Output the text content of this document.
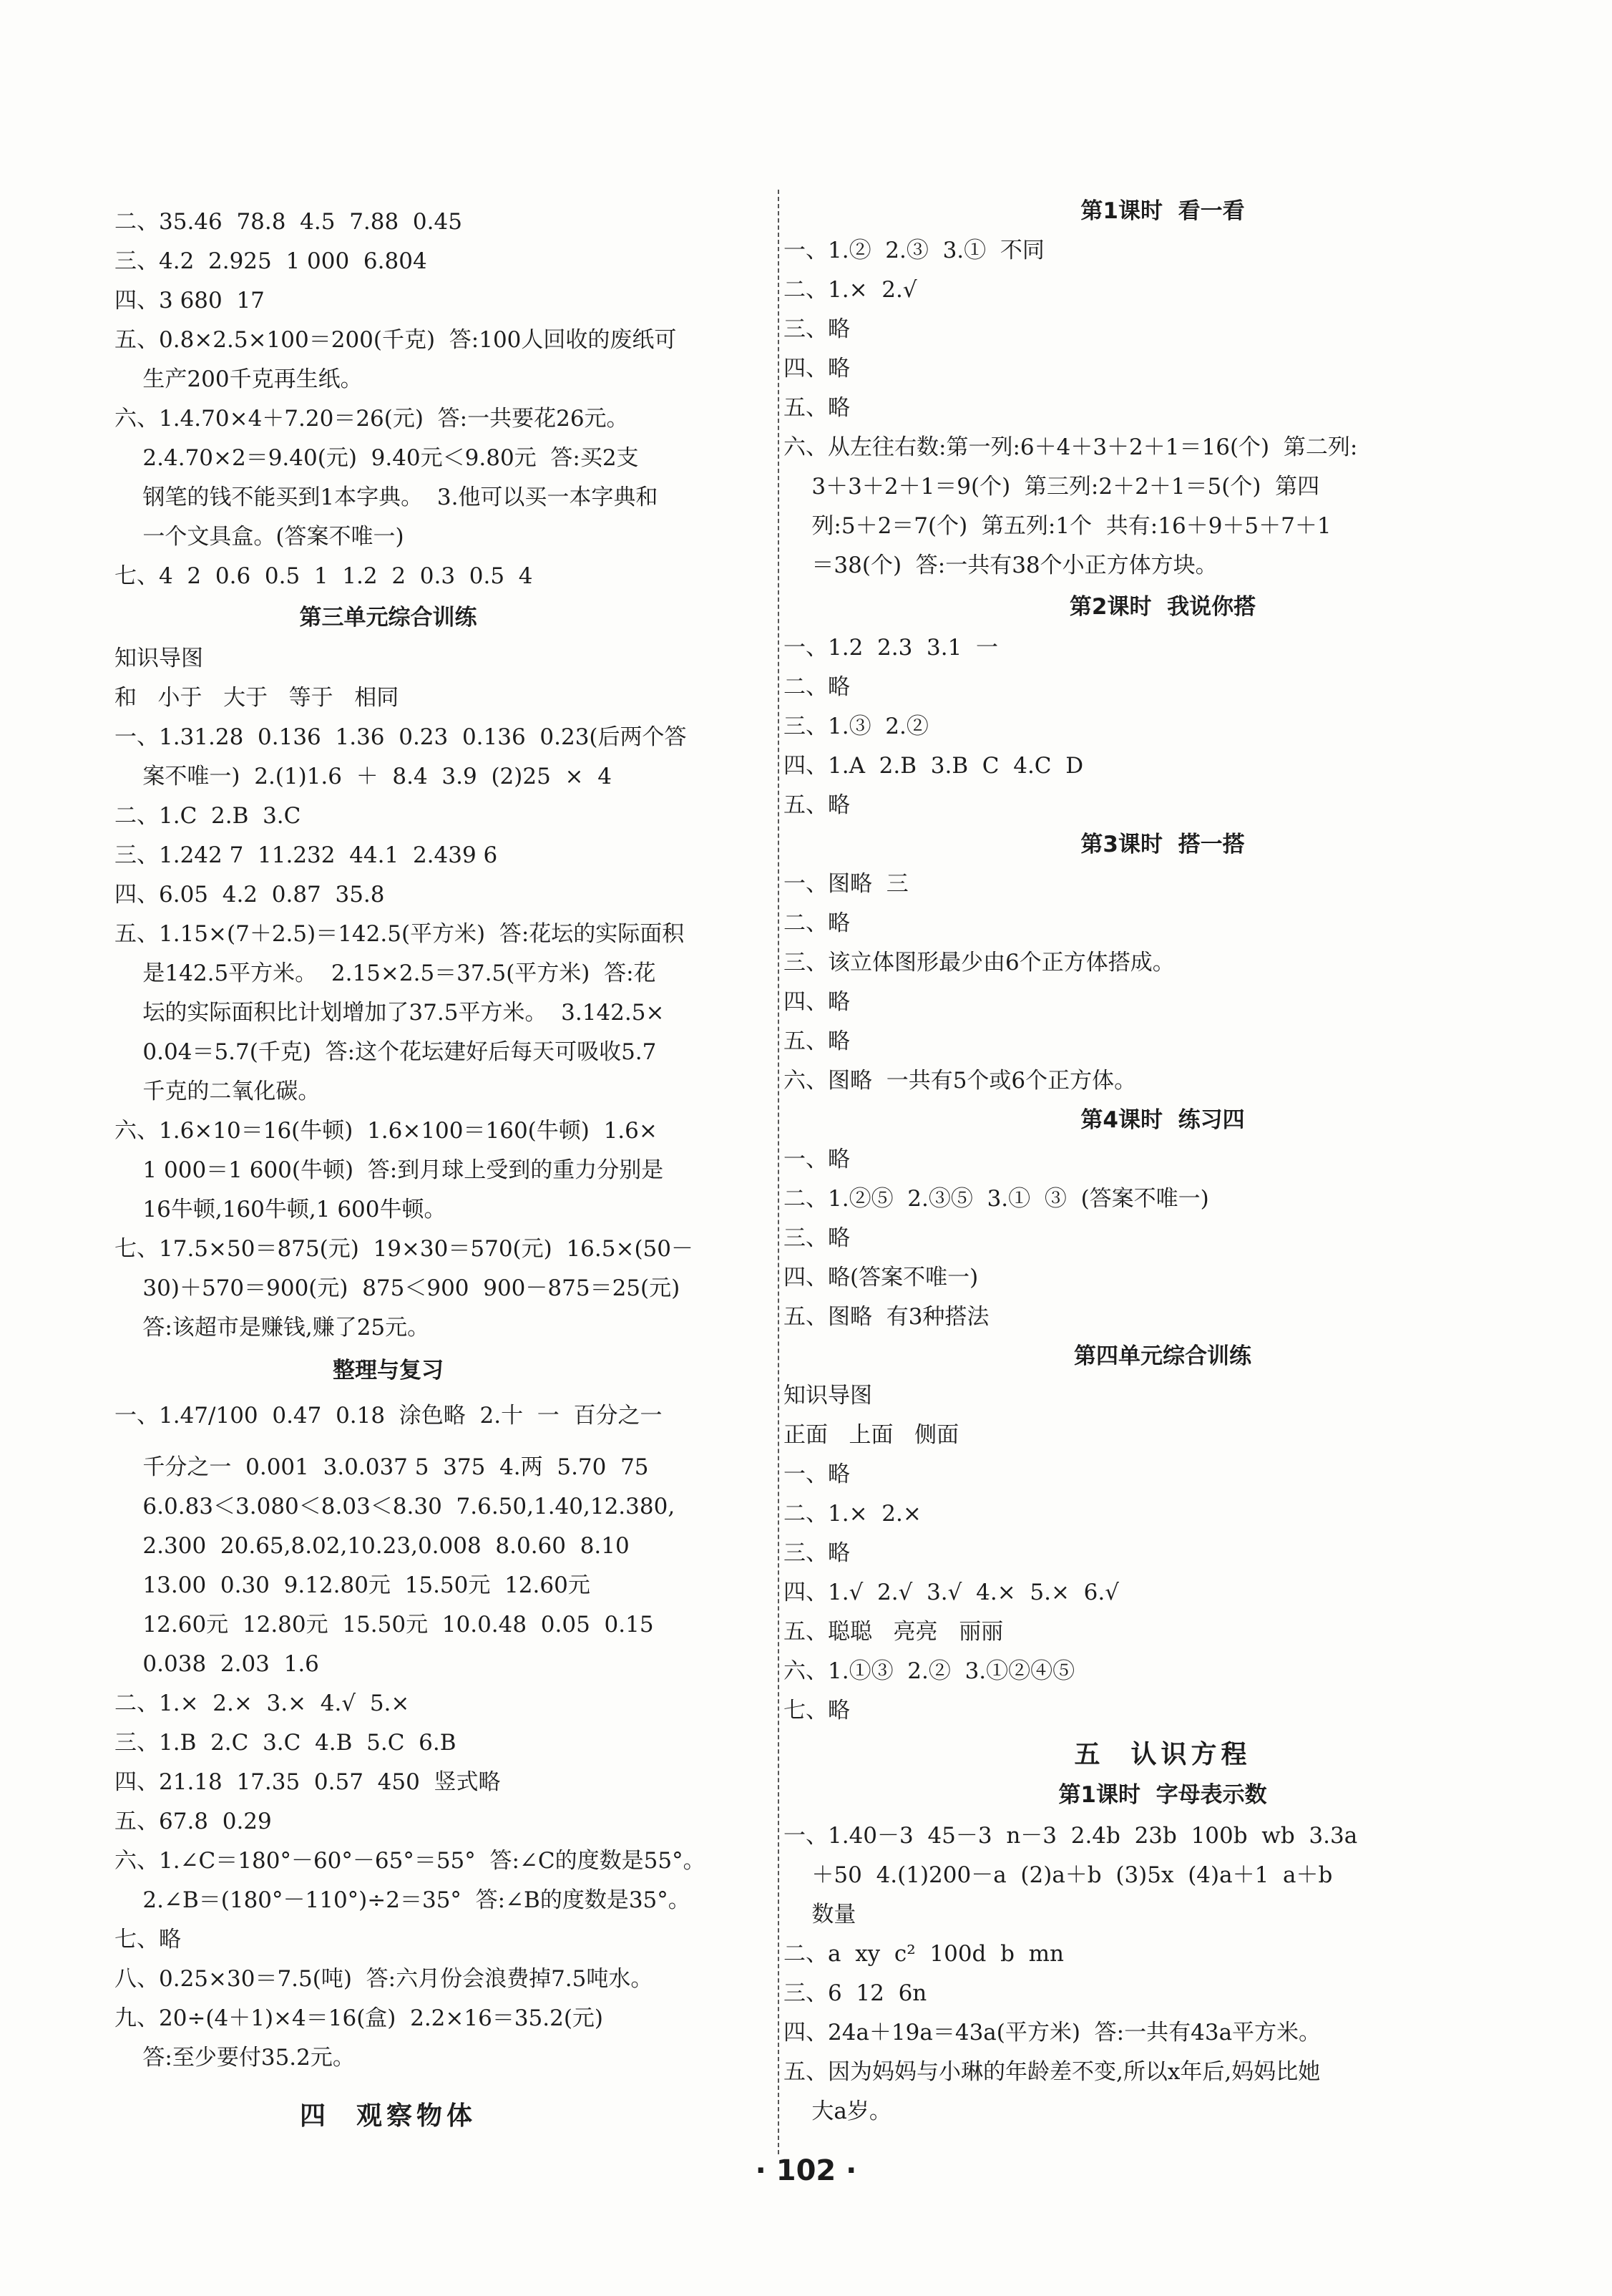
二、35.46  78.8  4.5  7.88  0.45
三、4.2  2.925  1 000  6.804
四、3 680  17
五、0.8×2.5×100＝200(千克)  答:100人回收的废纸可
生产200千克再生纸。
六、1.4.70×4＋7.20＝26(元)  答:一共要花26元。
2.4.70×2＝9.40(元)  9.40元＜9.80元  答:买2支
钢笔的钱不能买到1本字典。  3.他可以买一本字典和
一个文具盒。(答案不唯一)
七、4  2  0.6  0.5  1  1.2  2  0.3  0.5  4
第三单元综合训练
知识导图
和   小于   大于   等于   相同
一、1.31.28  0.136  1.36  0.23  0.136  0.23(后两个答
案不唯一)  2.(1)1.6  ＋  8.4  3.9  (2)25  ×  4
二、1.C  2.B  3.C
三、1.242 7  11.232  44.1  2.439 6
四、6.05  4.2  0.87  35.8
五、1.15×(7＋2.5)＝142.5(平方米)  答:花坛的实际面积
是142.5平方米。  2.15×2.5＝37.5(平方米)  答:花
坛的实际面积比计划增加了37.5平方米。  3.142.5×
0.04＝5.7(千克)  答:这个花坛建好后每天可吸收5.7
千克的二氧化碳。
六、1.6×10＝16(牛顿)  1.6×100＝160(牛顿)  1.6×
1 000＝1 600(牛顿)  答:到月球上受到的重力分别是
16牛顿,160牛顿,1 600牛顿。
七、17.5×50＝875(元)  19×30＝570(元)  16.5×(50－
30)＋570＝900(元)  875＜900  900－875＝25(元)
答:该超市是赚钱,赚了25元。
整理与复习
一、1.47/100  0.47  0.18  涂色略  2.十  一  百分之一
千分之一  0.001  3.0.037 5  375  4.两  5.70  75
6.0.83＜3.080＜8.03＜8.30  7.6.50,1.40,12.380,
2.300  20.65,8.02,10.23,0.008  8.0.60  8.10
13.00  0.30  9.12.80元  15.50元  12.60元
12.60元  12.80元  15.50元  10.0.48  0.05  0.15
0.038  2.03  1.6
二、1.×  2.×  3.×  4.√  5.×
三、1.B  2.C  3.C  4.B  5.C  6.B
四、21.18  17.35  0.57  450  竖式略
五、67.8  0.29
六、1.∠C＝180°－60°－65°＝55°  答:∠C的度数是55°。
2.∠B＝(180°－110°)÷2＝35°  答:∠B的度数是35°。
七、略
八、0.25×30＝7.5(吨)  答:六月份会浪费掉7.5吨水。
九、20÷(4＋1)×4＝16(盒)  2.2×16＝35.2(元)
答:至少要付35.2元。
四  观察物体
第1课时  看一看
一、1.②  2.③  3.①  不同
二、1.×  2.√
三、略
四、略
五、略
六、从左往右数:第一列:6＋4＋3＋2＋1＝16(个)  第二列:
3＋3＋2＋1＝9(个)  第三列:2＋2＋1＝5(个)  第四
列:5＋2＝7(个)  第五列:1个  共有:16＋9＋5＋7＋1
＝38(个)  答:一共有38个小正方体方块。
第2课时  我说你搭
一、1.2  2.3  3.1  一
二、略
三、1.③  2.②
四、1.A  2.B  3.B  C  4.C  D
五、略
第3课时  搭一搭
一、图略  三
二、略
三、该立体图形最少由6个正方体搭成。
四、略
五、略
六、图略  一共有5个或6个正方体。
第4课时  练习四
一、略
二、1.②⑤  2.③⑤  3.①  ③  (答案不唯一)
三、略
四、略(答案不唯一)
五、图略  有3种搭法
第四单元综合训练
知识导图
正面   上面   侧面
一、略
二、1.×  2.×
三、略
四、1.√  2.√  3.√  4.×  5.×  6.√
五、聪聪   亮亮   丽丽
六、1.①③  2.②  3.①②④⑤
七、略
五  认识方程
第1课时  字母表示数
一、1.40－3  45－3  n－3  2.4b  23b  100b  wb  3.3a
＋50  4.(1)200－a  (2)a＋b  (3)5x  (4)a＋1  a＋b
数量
二、a  xy  c²  100d  b  mn
三、6  12  6n
四、24a＋19a＝43a(平方米)  答:一共有43a平方米。
五、因为妈妈与小琳的年龄差不变,所以x年后,妈妈比她
大a岁。
· 102 ·
